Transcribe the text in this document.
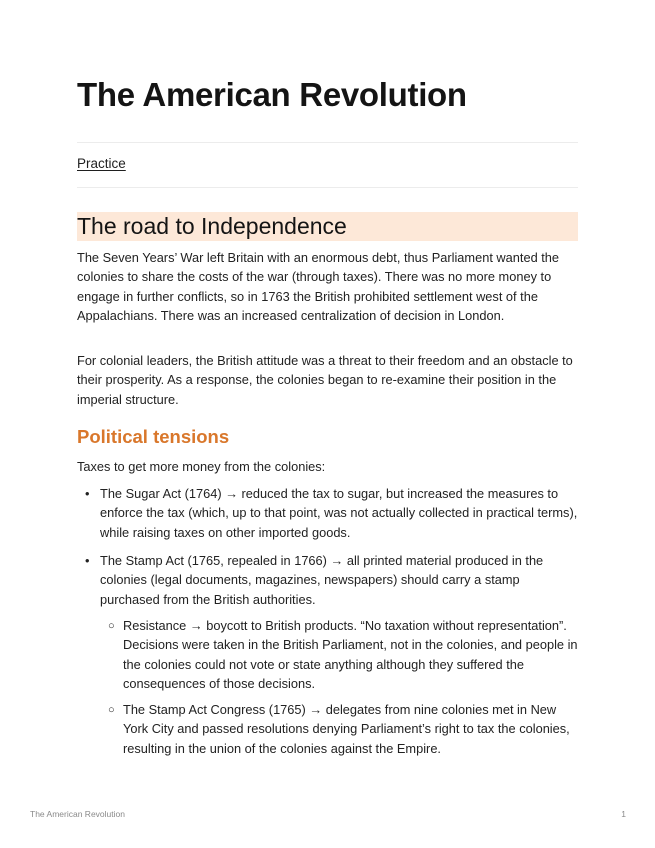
The American Revolution
Practice
The road to Independence

The Seven Years’ War left Britain with an enormous debt, thus Parliament wanted the colonies to share the costs of the war (through taxes). There was no more money to engage in further conflicts, so in 1763 the British prohibited settlement west of the Appalachians. There was an increased centralization of decision in London.

For colonial leaders, the British attitude was a threat to their freedom and an obstacle to their prosperity. As a response, the colonies began to re-examine their position in the imperial structure.

Political tensions

Taxes to get more money from the colonies:

• The Sugar Act (1764) → reduced the tax to sugar, but increased the measures to enforce the tax (which, up to that point, was not actually collected in practical terms), while raising taxes on other imported goods.
• The Stamp Act (1765, repealed in 1766) → all printed material produced in the colonies (legal documents, magazines, newspapers) should carry a stamp purchased from the British authorities.
○ Resistance → boycott to British products. “No taxation without representation”. Decisions were taken in the British Parliament, not in the colonies, and people in the colonies could not vote or state anything although they suffered the consequences of those decisions.
○ The Stamp Act Congress (1765) → delegates from nine colonies met in New York City and passed resolutions denying Parliament’s right to tax the colonies, resulting in the union of the colonies against the Empire.
The American Revolution	1
